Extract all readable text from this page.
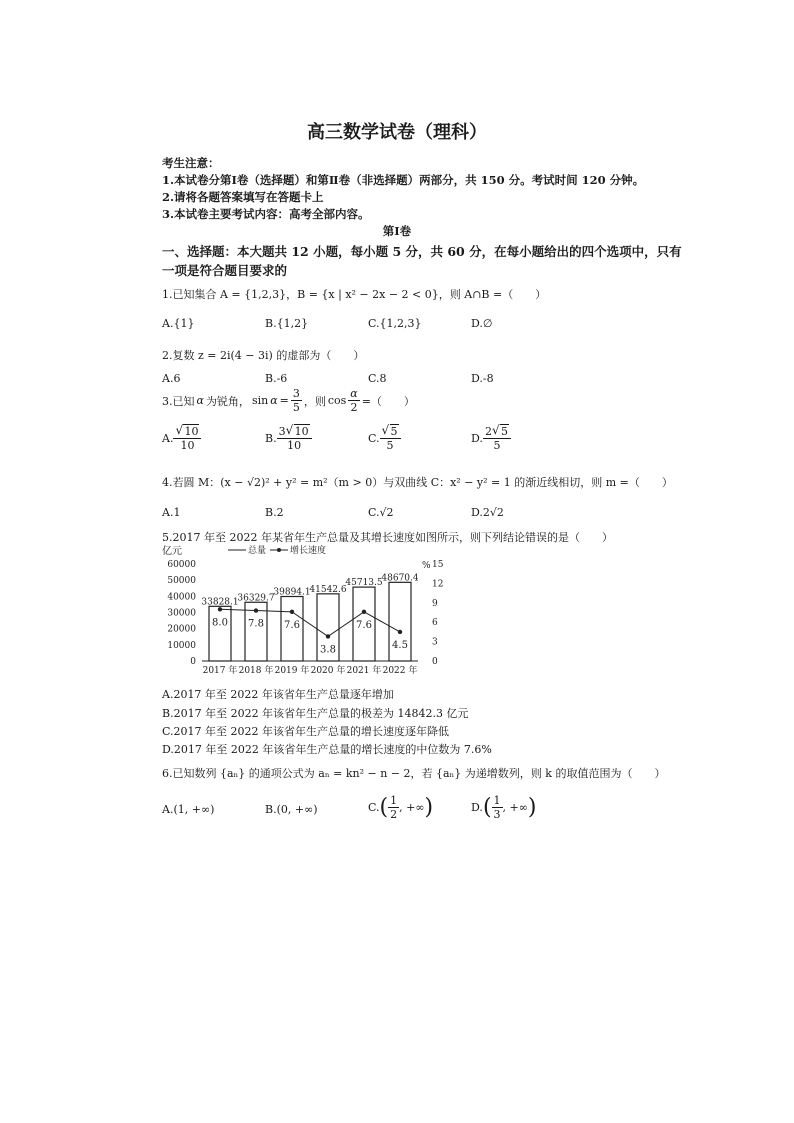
高三数学试卷（理科）
考生注意：
1.本试卷分第Ⅰ卷（选择题）和第Ⅱ卷（非选择题）两部分，共 150 分。考试时间 120 分钟。
2.请将各题答案填写在答题卡上
3.本试卷主要考试内容：高考全部内容。
第Ⅰ卷
一、选择题：本大题共 12 小题，每小题 5 分，共 60 分，在每小题给出的四个选项中，只有
一项是符合题目要求的
1.已知集合 A = {1,2,3}，B = {x | x² − 2x − 2 < 0}，则 A∩B =（　　）
A.{1}	B.{1,2}	C.{1,2,3}	D.∅
2.复数 z = 2i(4 − 3i) 的虚部为（　　）
A.6	B.-6	C.8	D.-8
3.已知 α 为锐角， $\sin \alpha = \frac{3}{5}$ ，则 $\cos \frac{\alpha}{2}$ =（　　）
A. √ $\frac{10}{10}$	B. $\frac{3 √ 10}{10}$	C. √ $\frac{5}{5}$	D. $\frac{2 √ 5}{5}$
4.若圆 M：(x − √2)² + y² = m²（m > 0）与双曲线 C：x² − y² = 1 的渐近线相切，则 m =（　　）
A.1	B.2	C.√2	D.2√2
5.2017 年至 2022 年某省年生产总量及其增长速度如图所示，则下列结论错误的是（　　）
亿元
%
总量	增长速度
60000
50000
40000
30000
20000
10000
0
15
12
9
6
3
0
33828.1
2017 年
8.0
36329.7
2018 年
7.8
39894.1
2019 年
7.6
41542.6
2020 年
3.8
45713.5
2021 年
7.6
48670.4
2022 年
4.5
A.2017 年至 2022 年该省年生产总量逐年增加
B.2017 年至 2022 年该省年生产总量的极差为 14842.3 亿元
C.2017 年至 2022 年该省年生产总量的增长速度逐年降低
D.2017 年至 2022 年该省年生产总量的增长速度的中位数为 7.6%
6.已知数列 {aₙ} 的通项公式为 aₙ = kn² − n − 2，若 {aₙ} 为递增数列，则 k 的取值范围为（　　）
A.(1, +∞)	B.(0, +∞)	C. ( $\frac{1}{2}$ , +∞ )	D. ( $\frac{1}{3}$ , +∞ )
